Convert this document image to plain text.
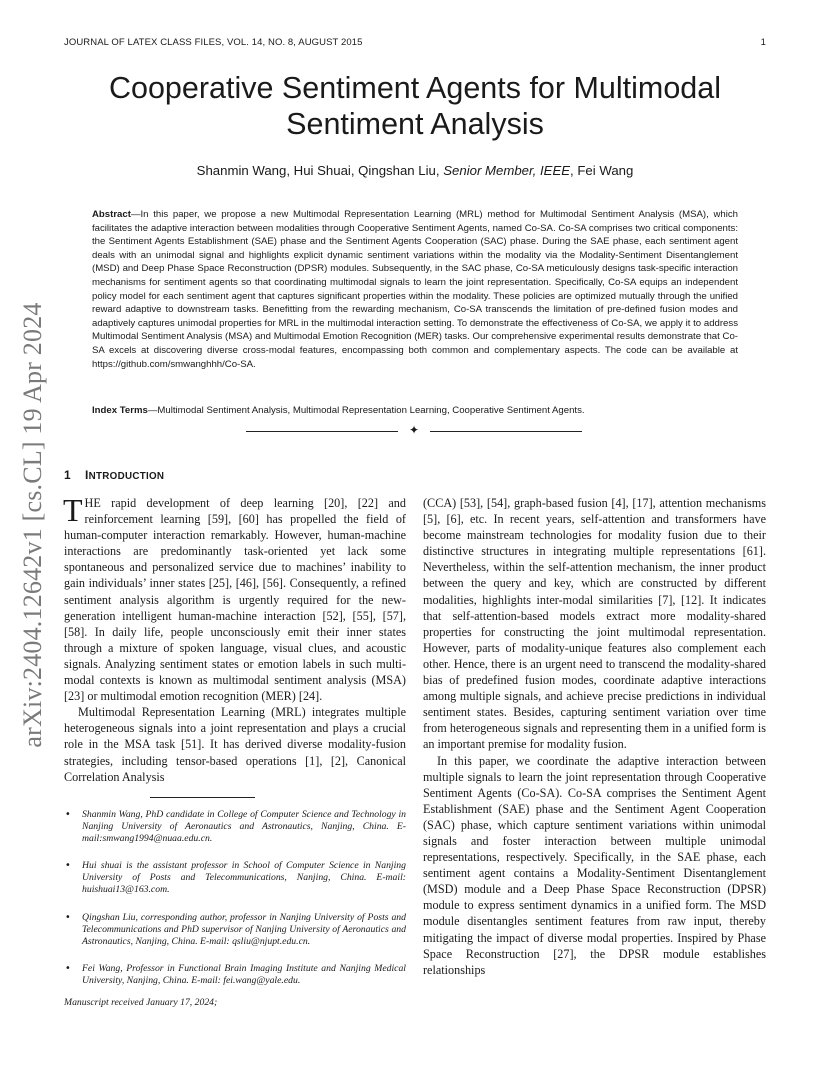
JOURNAL OF LATEX CLASS FILES, VOL. 14, NO. 8, AUGUST 2015	1
arXiv:2404.12642v1 [cs.CL] 19 Apr 2024
Cooperative Sentiment Agents for Multimodal Sentiment Analysis
Shanmin Wang, Hui Shuai, Qingshan Liu, Senior Member, IEEE, Fei Wang

Abstract—In this paper, we propose a new Multimodal Representation Learning (MRL) method for Multimodal Sentiment Analysis (MSA), which facilitates the adaptive interaction between modalities through Cooperative Sentiment Agents, named Co-SA. Co-SA comprises two critical components: the Sentiment Agents Establishment (SAE) phase and the Sentiment Agents Cooperation (SAC) phase. During the SAE phase, each sentiment agent deals with an unimodal signal and highlights explicit dynamic sentiment variations within the modality via the Modality-Sentiment Disentanglement (MSD) and Deep Phase Space Reconstruction (DPSR) modules. Subsequently, in the SAC phase, Co-SA meticulously designs task-specific interaction mechanisms for sentiment agents so that coordinating multimodal signals to learn the joint representation. Specifically, Co-SA equips an independent policy model for each sentiment agent that captures significant properties within the modality. These policies are optimized mutually through the unified reward adaptive to downstream tasks. Benefitting from the rewarding mechanism, Co-SA transcends the limitation of pre-defined fusion modes and adaptively captures unimodal properties for MRL in the multimodal interaction setting. To demonstrate the effectiveness of Co-SA, we apply it to address Multimodal Sentiment Analysis (MSA) and Multimodal Emotion Recognition (MER) tasks. Our comprehensive experimental results demonstrate that Co-SA excels at discovering diverse cross-modal features, encompassing both common and complementary aspects. The code can be available at https://github.com/smwanghhh/Co-SA.

Index Terms—Multimodal Sentiment Analysis, Multimodal Representation Learning, Cooperative Sentiment Agents.

✦
1 INTRODUCTION

THE rapid development of deep learning [20], [22] and reinforcement learning [59], [60] has propelled the field of human-computer interaction remarkably. However, human-machine interactions are predominantly task-oriented yet lack some spontaneous and personalized service due to machines’ inability to gain individuals’ inner states [25], [46], [56]. Consequently, a refined sentiment analysis algorithm is urgently required for the new-generation intelligent human-machine interaction [52], [55], [57], [58]. In daily life, people unconsciously emit their inner states through a mixture of spoken language, visual clues, and acoustic signals. Analyzing sentiment states or emotion labels in such multi-modal contexts is known as multimodal sentiment analysis (MSA) [23] or multimodal emotion recognition (MER) [24].

Multimodal Representation Learning (MRL) integrates multiple heterogeneous signals into a joint representation and plays a crucial role in the MSA task [51]. It has derived diverse modality-fusion strategies, including tensor-based operations [1], [2], Canonical Correlation Analysis

(CCA) [53], [54], graph-based fusion [4], [17], attention mechanisms [5], [6], etc. In recent years, self-attention and transformers have become mainstream technologies for modality fusion due to their distinctive structures in integrating multiple representations [61]. Nevertheless, within the self-attention mechanism, the inner product between the query and key, which are constructed by different modalities, highlights inter-modal similarities [7], [12]. It indicates that self-attention-based models extract more modality-shared properties for constructing the joint multimodal representation. However, parts of modality-unique features also complement each other. Hence, there is an urgent need to transcend the modality-shared bias of predefined fusion modes, coordinate adaptive interactions among multiple signals, and achieve precise predictions in individual sentiment states. Besides, capturing sentiment variation over time from heterogeneous signals and representing them in a unified form is an important premise for modality fusion.

In this paper, we coordinate the adaptive interaction between multiple signals to learn the joint representation through Cooperative Sentiment Agents (Co-SA). Co-SA comprises the Sentiment Agent Establishment (SAE) phase and the Sentiment Agent Cooperation (SAC) phase, which capture sentiment variations within unimodal signals and foster interaction between multiple unimodal representations, respectively. Specifically, in the SAE phase, each sentiment agent contains a Modality-Sentiment Disentanglement (MSD) module and a Deep Phase Space Reconstruction (DPSR) module to express sentiment dynamics in a unified form. The MSD module disentangles sentiment features from raw input, thereby mitigating the impact of diverse modal properties. Inspired by Phase Space Reconstruction [27], the DPSR module establishes relationships

• Shanmin Wang, PhD candidate in College of Computer Science and Technology in Nanjing University of Aeronautics and Astronautics, Nanjing, China. E-mail:smwang1994@nuaa.edu.cn.

• Hui shuai is the assistant professor in School of Computer Science in Nanjing University of Posts and Telecommunications, Nanjing, China. E-mail: huishuai13@163.com.

• Qingshan Liu, corresponding author, professor in Nanjing University of Posts and Telecommunications and PhD supervisor of Nanjing University of Aeronautics and Astronautics, Nanjing, China. E-mail: qsliu@njupt.edu.cn.

• Fei Wang, Professor in Functional Brain Imaging Institute and Nanjing Medical University, Nanjing, China. E-mail: fei.wang@yale.edu.

Manuscript received January 17, 2024;
